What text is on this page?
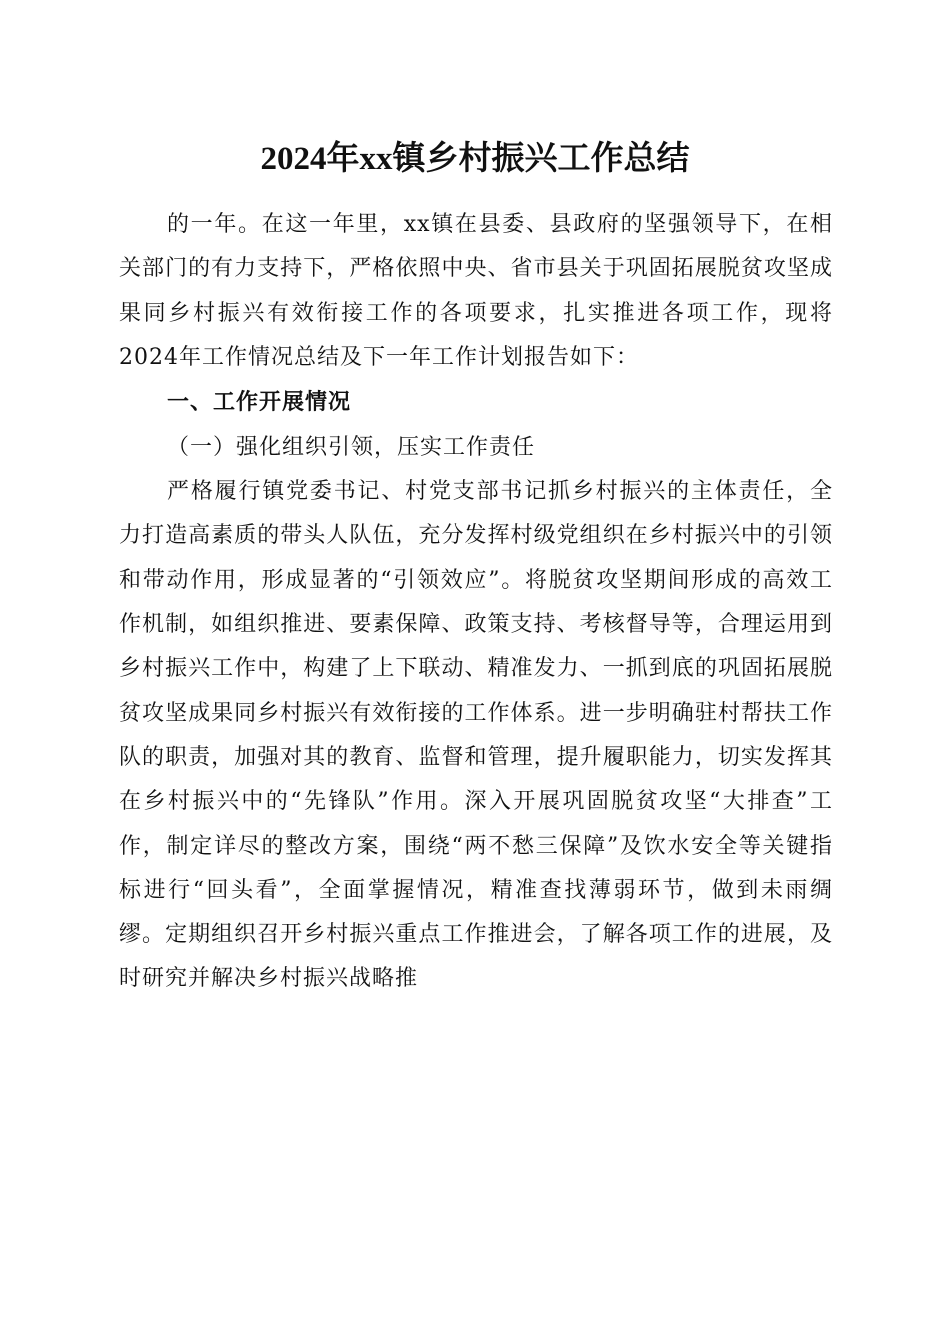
2024年xx镇乡村振兴工作总结

的一年。在这一年里，xx镇在县委、县政府的坚强领导下，在相关部门的有力支持下，严格依照中央、省市县关于巩固拓展脱贫攻坚成果同乡村振兴有效衔接工作的各项要求，扎实推进各项工作，现将2024年工作情况总结及下一年工作计划报告如下：

一、工作开展情况

（一）强化组织引领，压实工作责任

严格履行镇党委书记、村党支部书记抓乡村振兴的主体责任，全力打造高素质的带头人队伍，充分发挥村级党组织在乡村振兴中的引领和带动作用，形成显著的“引领效应”。将脱贫攻坚期间形成的高效工作机制，如组织推进、要素保障、政策支持、考核督导等，合理运用到乡村振兴工作中，构建了上下联动、精准发力、一抓到底的巩固拓展脱贫攻坚成果同乡村振兴有效衔接的工作体系。进一步明确驻村帮扶工作队的职责，加强对其的教育、监督和管理，提升履职能力，切实发挥其在乡村振兴中的“先锋队”作用。深入开展巩固脱贫攻坚“大排查”工作，制定详尽的整改方案，围绕“两不愁三保障”及饮水安全等关键指标进行“回头看”，全面掌握情况，精准查找薄弱环节，做到未雨绸缪。定期组织召开乡村振兴重点工作推进会，了解各项工作的进展，及时研究并解决乡村振兴战略推
